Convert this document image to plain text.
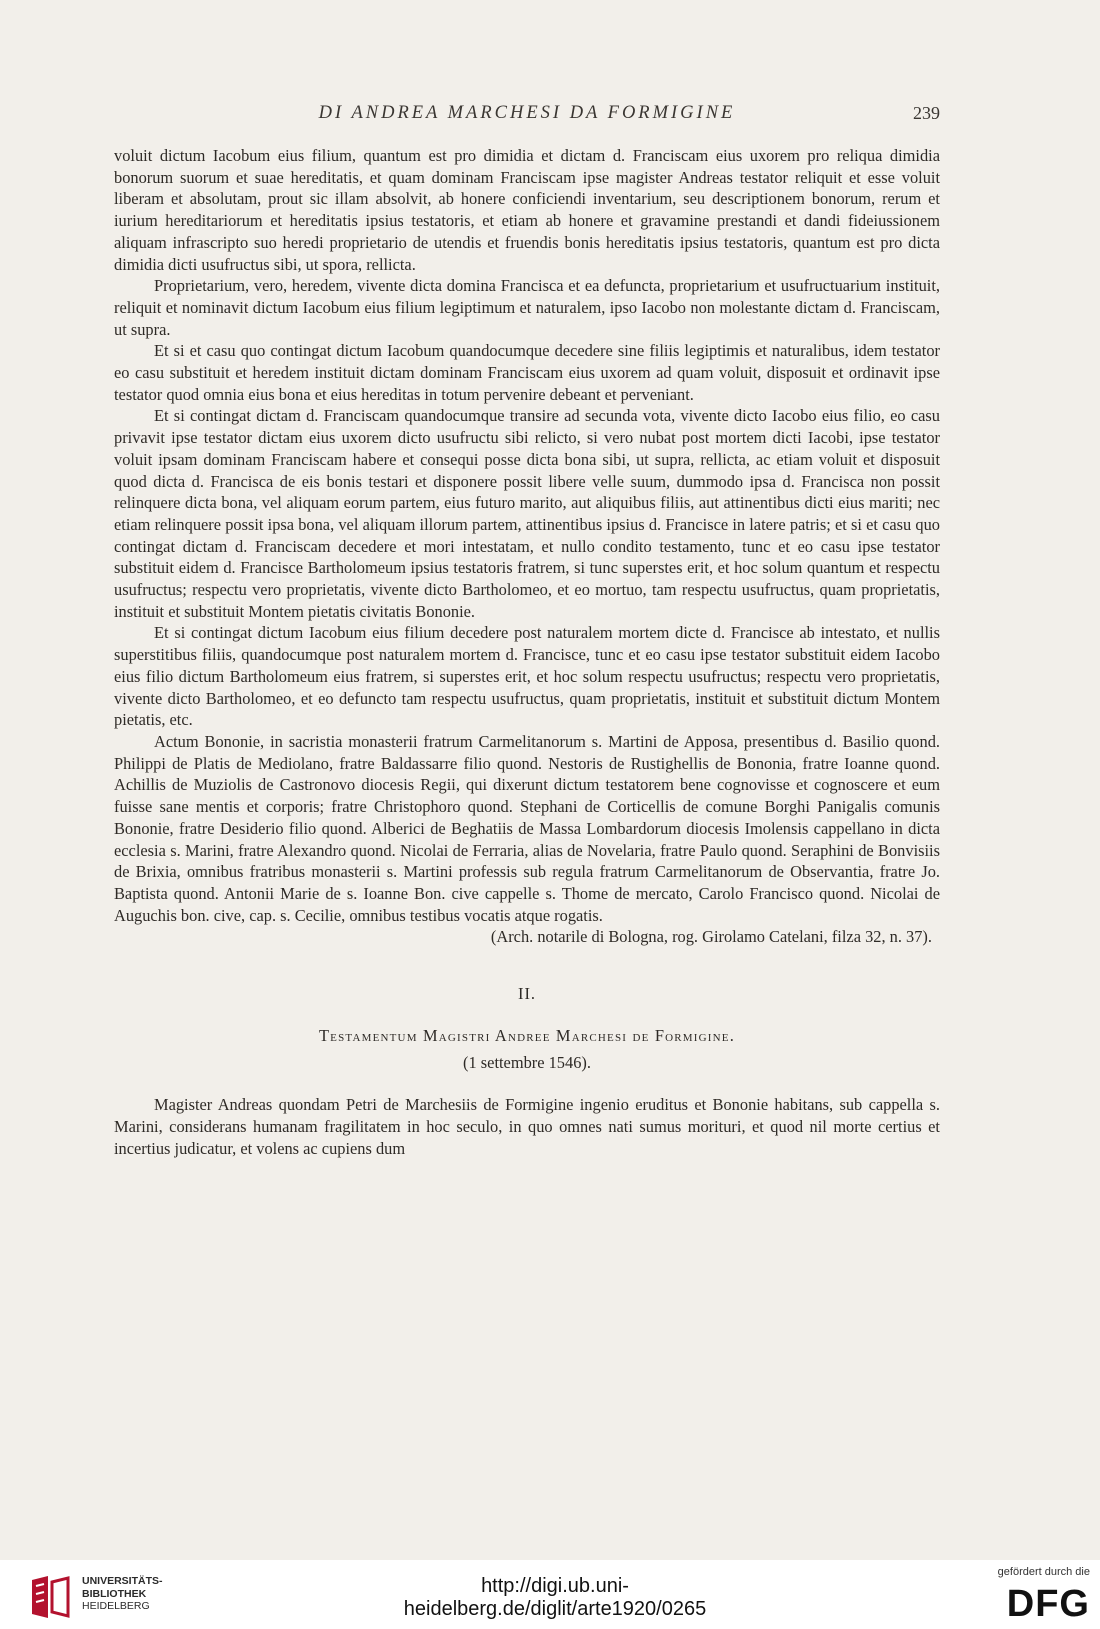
DI ANDREA MARCHESI DA FORMIGINE	239

voluit dictum Iacobum eius filium, quantum est pro dimidia et dictam d. Franciscam eius uxorem pro reliqua dimidia bonorum suorum et suae hereditatis, et quam dominam Franciscam ipse magister Andreas testator reliquit et esse voluit liberam et absolutam, prout sic illam absolvit, ab honere conficiendi inventarium, seu descriptionem bonorum, rerum et iurium hereditariorum et hereditatis ipsius testatoris, et etiam ab honere et gravamine prestandi et dandi fideiussionem aliquam infrascripto suo heredi proprietario de utendis et fruendis bonis hereditatis ipsius testatoris, quantum est pro dicta dimidia dicti usufructus sibi, ut spora, rellicta.

Proprietarium, vero, heredem, vivente dicta domina Francisca et ea defuncta, proprietarium et usufructuarium instituit, reliquit et nominavit dictum Iacobum eius filium legiptimum et naturalem, ipso Iacobo non molestante dictam d. Franciscam, ut supra.

Et si et casu quo contingat dictum Iacobum quandocumque decedere sine filiis legiptimis et naturalibus, idem testator eo casu substituit et heredem instituit dictam dominam Franciscam eius uxorem ad quam voluit, disposuit et ordinavit ipse testator quod omnia eius bona et eius hereditas in totum pervenire debeant et perveniant.

Et si contingat dictam d. Franciscam quandocumque transire ad secunda vota, vivente dicto Iacobo eius filio, eo casu privavit ipse testator dictam eius uxorem dicto usufructu sibi relicto, si vero nubat post mortem dicti Iacobi, ipse testator voluit ipsam dominam Franciscam habere et consequi posse dicta bona sibi, ut supra, rellicta, ac etiam voluit et disposuit quod dicta d. Francisca de eis bonis testari et disponere possit libere velle suum, dummodo ipsa d. Francisca non possit relinquere dicta bona, vel aliquam eorum partem, eius futuro marito, aut aliquibus filiis, aut attinentibus dicti eius mariti; nec etiam relinquere possit ipsa bona, vel aliquam illorum partem, attinentibus ipsius d. Francisce in latere patris; et si et casu quo contingat dictam d. Franciscam decedere et mori intestatam, et nullo condito testamento, tunc et eo casu ipse testator substituit eidem d. Francisce Bartholomeum ipsius testatoris fratrem, si tunc superstes erit, et hoc solum quantum et respectu usufructus; respectu vero proprietatis, vivente dicto Bartholomeo, et eo mortuo, tam respectu usufructus, quam proprietatis, instituit et substituit Montem pietatis civitatis Bononie.

Et si contingat dictum Iacobum eius filium decedere post naturalem mortem dicte d. Francisce ab intestato, et nullis superstitibus filiis, quandocumque post naturalem mortem d. Francisce, tunc et eo casu ipse testator substituit eidem Iacobo eius filio dictum Bartholomeum eius fratrem, si superstes erit, et hoc solum respectu usufructus; respectu vero proprietatis, vivente dicto Bartholomeo, et eo defuncto tam respectu usufructus, quam proprietatis, instituit et substituit dictum Montem pietatis, etc.

Actum Bononie, in sacristia monasterii fratrum Carmelitanorum s. Martini de Apposa, presentibus d. Basilio quond. Philippi de Platis de Mediolano, fratre Baldassarre filio quond. Nestoris de Rustighellis de Bononia, fratre Ioanne quond. Achillis de Muziolis de Castronovo diocesis Regii, qui dixerunt dictum testatorem bene cognovisse et cognoscere et eum fuisse sane mentis et corporis; fratre Christophoro quond. Stephani de Corticellis de comune Borghi Panigalis comunis Bononie, fratre Desiderio filio quond. Alberici de Beghatiis de Massa Lombardorum diocesis Imolensis cappellano in dicta ecclesia s. Marini, fratre Alexandro quond. Nicolai de Ferraria, alias de Novelaria, fratre Paulo quond. Seraphini de Bonvisiis de Brixia, omnibus fratribus monasterii s. Martini professis sub regula fratrum Carmelitanorum de Observantia, fratre Jo. Baptista quond. Antonii Marie de s. Ioanne Bon. cive cappelle s. Thome de mercato, Carolo Francisco quond. Nicolai de Auguchis bon. cive, cap. s. Cecilie, omnibus testibus vocatis atque rogatis.

(Arch. notarile di Bologna, rog. Girolamo Catelani, filza 32, n. 37).
II.
Testamentum Magistri Andree Marchesi de Formigine.
(1 settembre 1546).

Magister Andreas quondam Petri de Marchesiis de Formigine ingenio eruditus et Bononie habitans, sub cappella s. Marini, considerans humanam fragilitatem in hoc seculo, in quo omnes nati sumus morituri, et quod nil morte certius et incertius judicatur, et volens ac cupiens dum

UNIVERSITÄTS-
BIBLIOTHEK
HEIDELBERG
http://digi.ub.uni-heidelberg.de/diglit/arte1920/0265
gefördert durch die
DFG
